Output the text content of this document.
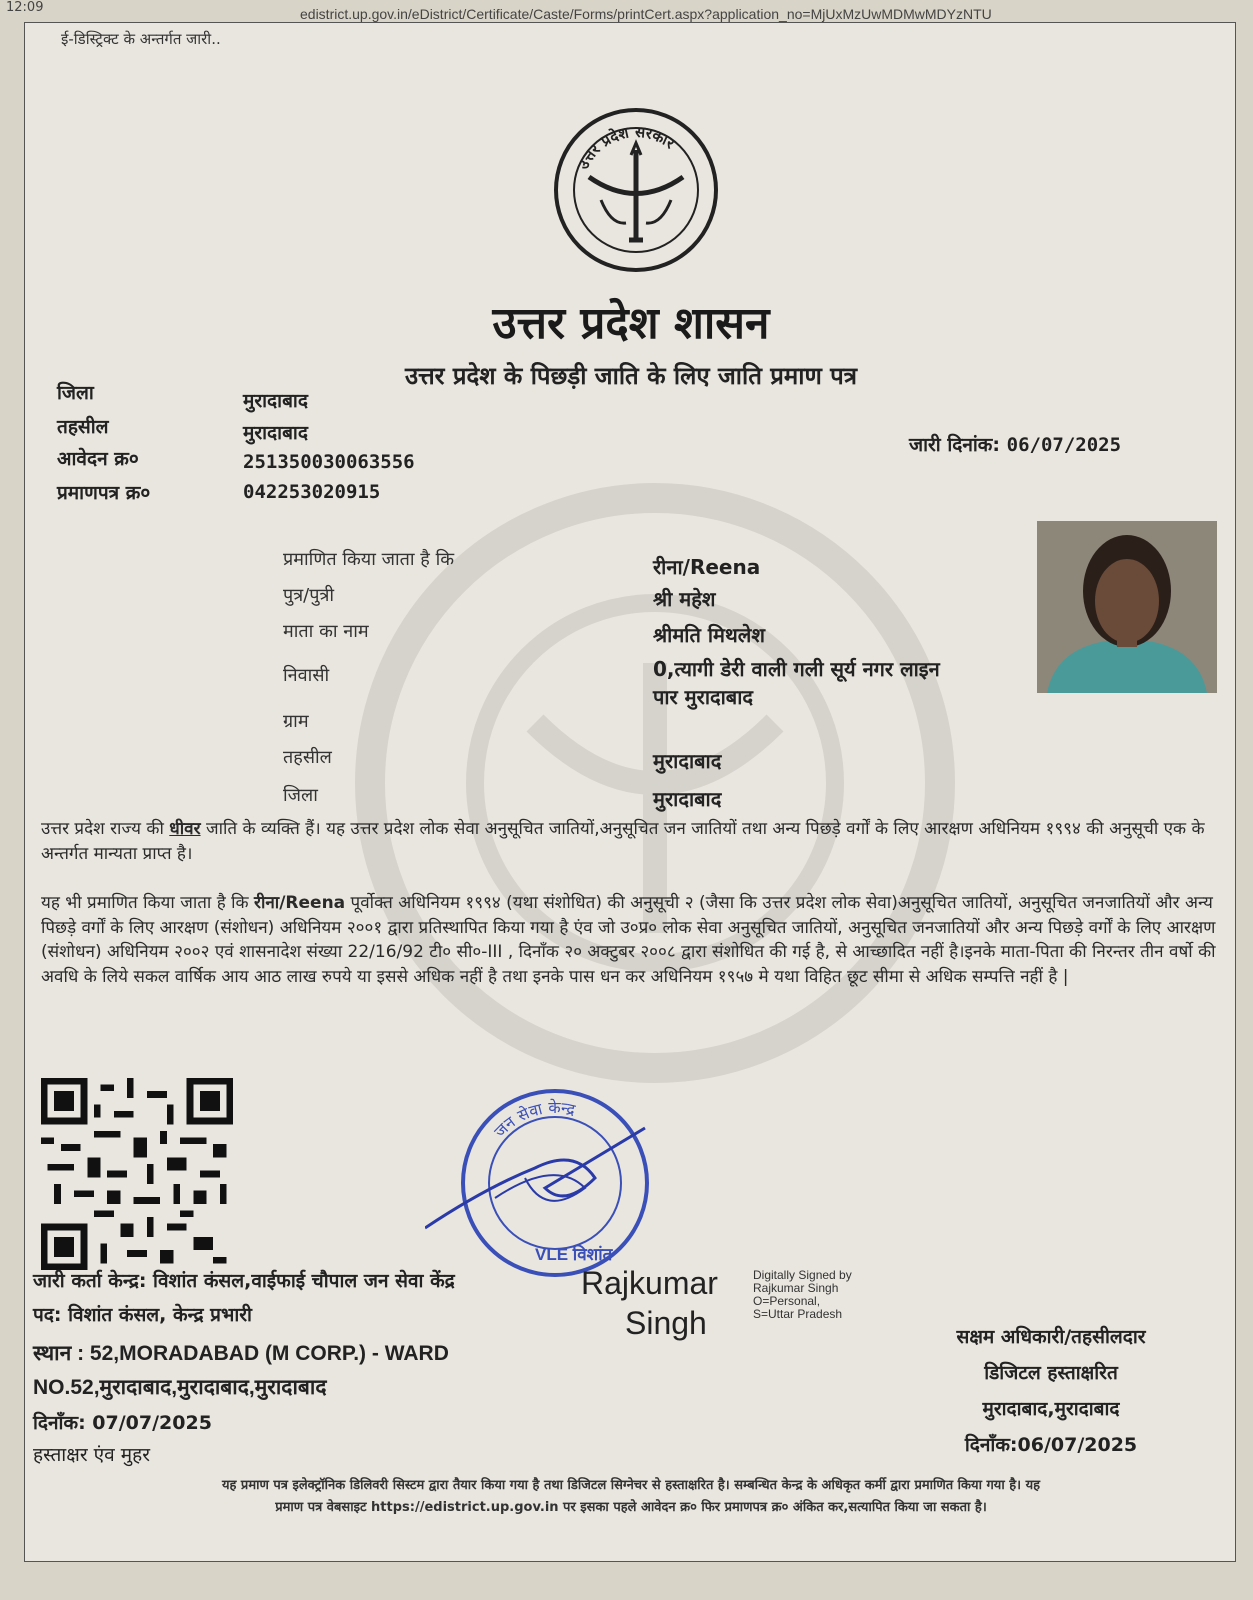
12:09	edistrict.up.gov.in/eDistrict/Certificate/Caste/Forms/printCert.aspx?application_no=MjUxMzUwMDMwMDYzNTU
ई-डिस्ट्रिक्ट के अन्तर्गत जारी..
उत्तर प्रदेश सरकार
उत्तर प्रदेश शासन
उत्तर प्रदेश के पिछड़ी जाति के लिए जाति प्रमाण पत्र
जिला	मुरादाबाद
तहसील	मुरादाबाद
आवेदन क्र०	251350030063556
प्रमाणपत्र क्र०	042253020915
जारी दिनांक: 06/07/2025
प्रमाणित किया जाता है कि	रीना/Reena
पुत्र/पुत्री	श्री महेश
माता का नाम	श्रीमति मिथलेश
निवासी	0,त्यागी डेरी वाली गली सूर्य नगर लाइन
पार मुरादाबाद
ग्राम
तहसील	मुरादाबाद
जिला	मुरादाबाद
उत्तर प्रदेश राज्य की धीवर जाति के व्यक्ति हैं। यह उत्तर प्रदेश लोक सेवा अनुसूचित जातियों,अनुसूचित जन जातियों तथा अन्य पिछड़े वर्गों के लिए आरक्षण अधिनियम १९९४ की अनुसूची एक के अन्तर्गत मान्यता प्राप्त है।
यह भी प्रमाणित किया जाता है कि रीना/Reena पूर्वोक्त अधिनियम १९९४ (यथा संशोधित) की अनुसूची २ (जैसा कि उत्तर प्रदेश लोक सेवा)अनुसूचित जातियों, अनुसूचित जनजातियों और अन्य पिछड़े वर्गों के लिए आरक्षण (संशोधन) अधिनियम २००१ द्वारा प्रतिस्थापित किया गया है एंव जो उ०प्र० लोक सेवा अनुसूचित जातियों, अनुसूचित जनजातियों और अन्य पिछड़े वर्गों के लिए आरक्षण (संशोधन) अधिनियम २००२ एवं शासनादेश संख्या 22/16/92 टी० सी०-III , दिनाँक २० अक्टुबर २००८ द्वारा संशोधित की गई है, से आच्छादित नहीं है।इनके माता-पिता की निरन्तर तीन वर्षो की अवधि के लिये सकल वार्षिक आय आठ लाख रुपये या इससे अधिक नहीं है तथा इनके पास धन कर अधिनियम १९५७ मे यथा विहित छूट सीमा से अधिक सम्पत्ति नहीं है |
जन सेवा केन्द्र
VLE विशांत
Rajkumar
Singh
Digitally Signed by
Rajkumar Singh
O=Personal,
S=Uttar Pradesh
जारी कर्ता केन्द्र: विशांत कंसल,वाईफाई चौपाल जन सेवा केंद्र
पद: विशांत कंसल, केन्द्र प्रभारी
स्थान : 52,MORADABAD (M CORP.) - WARD
NO.52,मुरादाबाद,मुरादाबाद,मुरादाबाद
दिनाँक: 07/07/2025
हस्ताक्षर एंव मुहर
सक्षम अधिकारी/तहसीलदार
डिजिटल हस्ताक्षरित
मुरादाबाद,मुरादाबाद
दिनाँक:06/07/2025
यह प्रमाण पत्र इलेक्ट्रॉनिक डिलिवरी सिस्टम द्वारा तैयार किया गया है तथा डिजिटल सिग्नेचर से हस्ताक्षरित है। सम्बन्धित केन्द्र के अधिकृत कर्मी द्वारा प्रमाणित किया गया है। यह
प्रमाण पत्र वेबसाइट https://edistrict.up.gov.in पर इसका पहले आवेदन क्र० फिर प्रमाणपत्र क्र० अंकित कर,सत्यापित किया जा सकता है।
